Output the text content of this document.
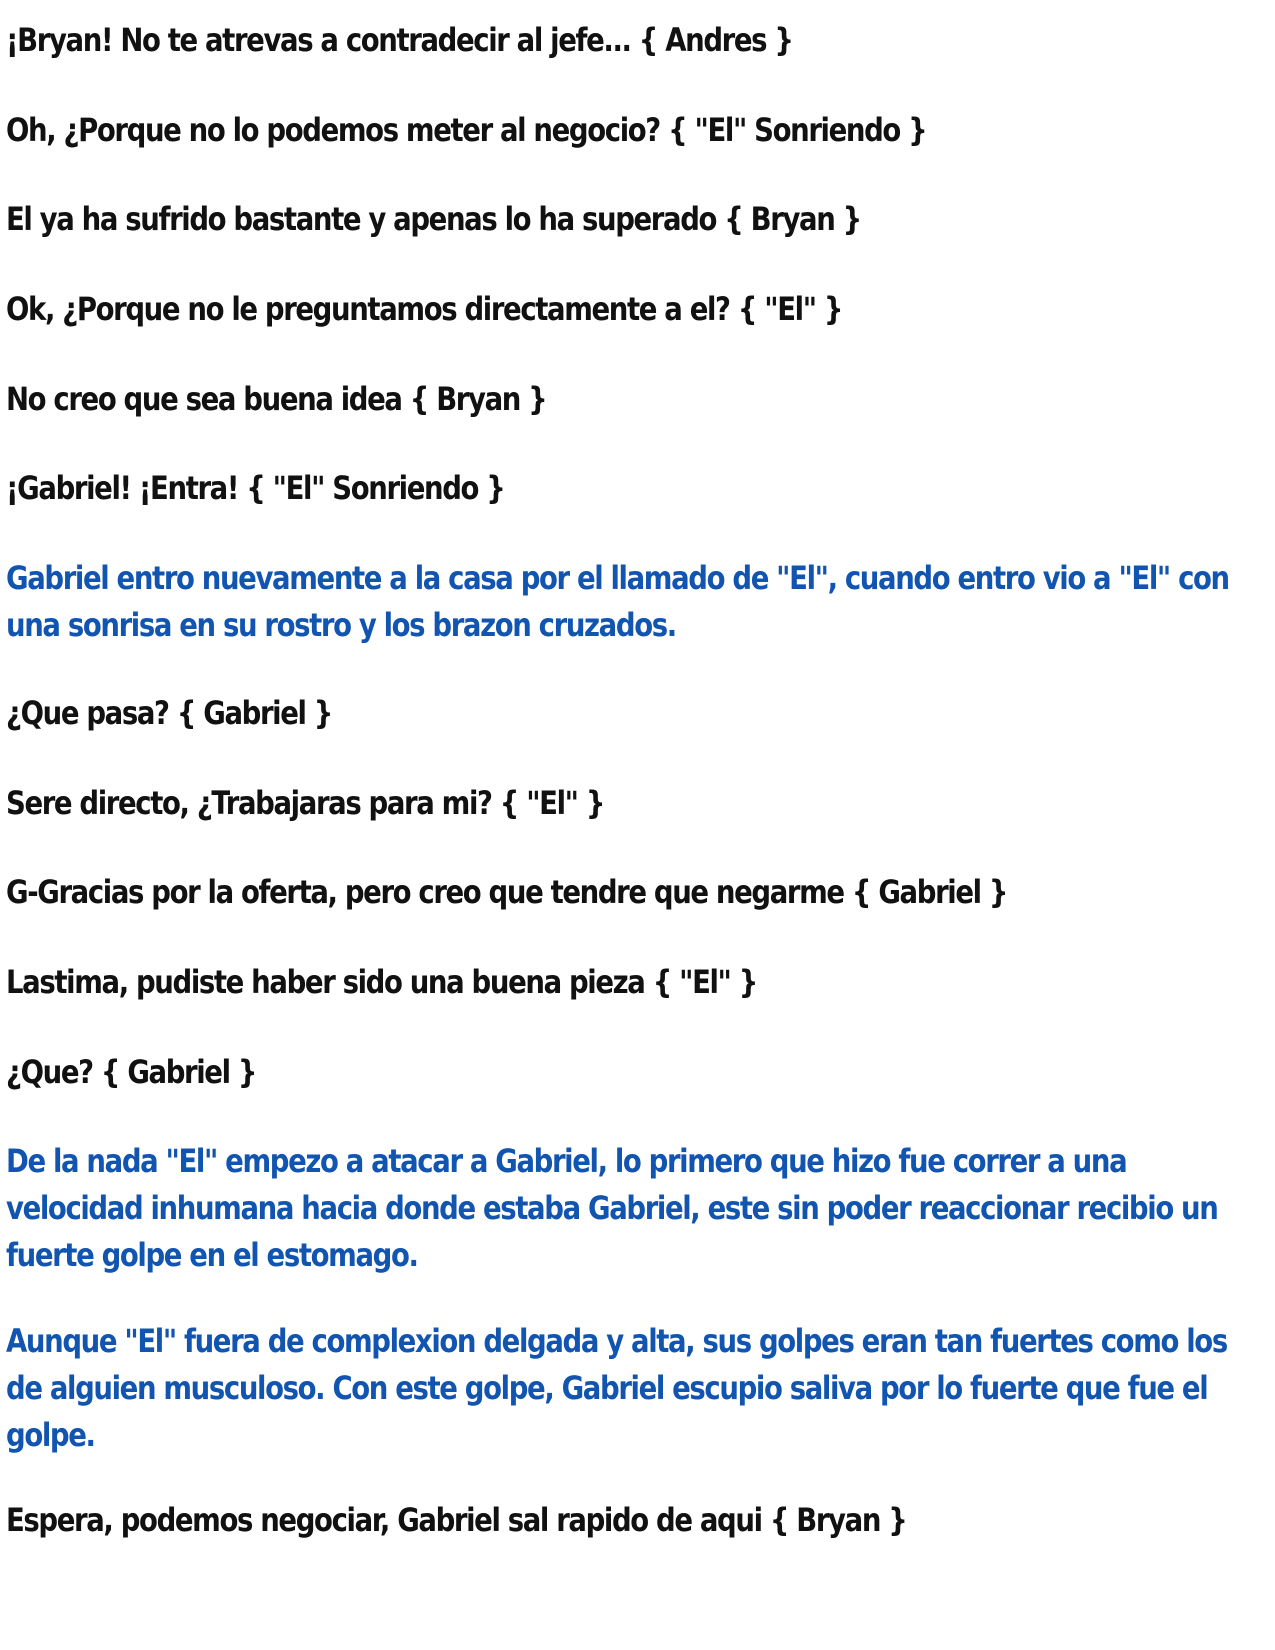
¡Bryan! No te atrevas a contradecir al jefe... { Andres }

Oh, ¿Porque no lo podemos meter al negocio? { "El" Sonriendo }

El ya ha sufrido bastante y apenas lo ha superado { Bryan }

Ok, ¿Porque no le preguntamos directamente a el? { "El" }

No creo que sea buena idea { Bryan }

¡Gabriel! ¡Entra! { "El" Sonriendo }

Gabriel entro nuevamente a la casa por el llamado de "El", cuando entro vio a "El" con una sonrisa en su rostro y los brazon cruzados.

¿Que pasa? { Gabriel }

Sere directo, ¿Trabajaras para mi? { "El" }

G-Gracias por la oferta, pero creo que tendre que negarme { Gabriel }

Lastima, pudiste haber sido una buena pieza { "El" }

¿Que? { Gabriel }

De la nada "El" empezo a atacar a Gabriel, lo primero que hizo fue correr a una velocidad inhumana hacia donde estaba Gabriel, este sin poder reaccionar recibio un fuerte golpe en el estomago.

Aunque "El" fuera de complexion delgada y alta, sus golpes eran tan fuertes como los de alguien musculoso. Con este golpe, Gabriel escupio saliva por lo fuerte que fue el golpe.

Espera, podemos negociar, Gabriel sal rapido de aqui { Bryan }
